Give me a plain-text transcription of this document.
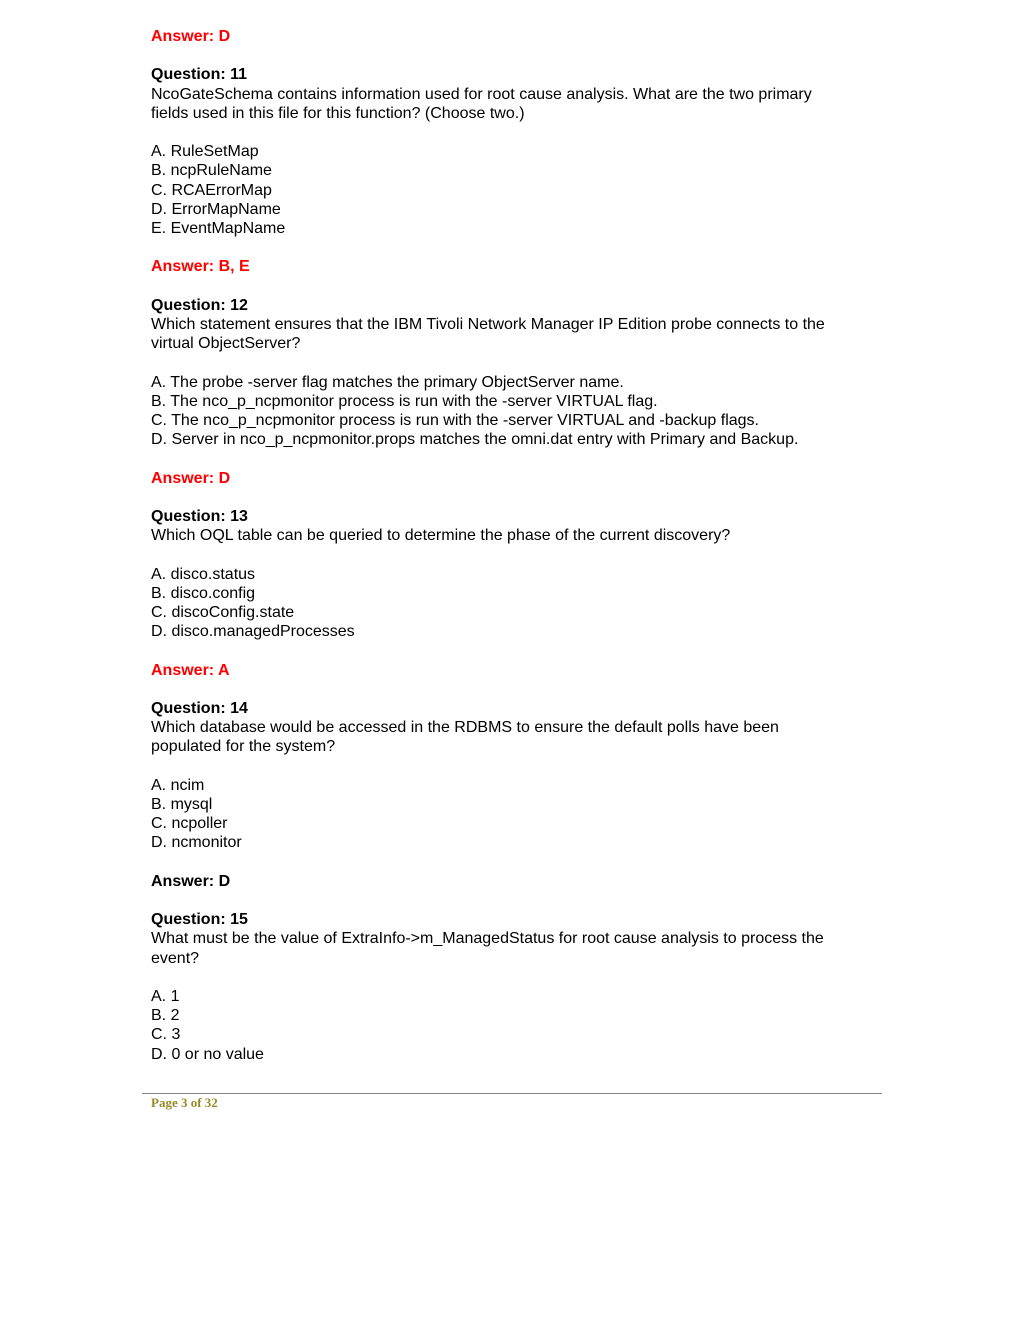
Answer: D
Question: 11
NcoGateSchema contains information used for root cause analysis. What are the two primary
fields used in this file for this function? (Choose two.)
A. RuleSetMap
B. ncpRuleName
C. RCAErrorMap
D. ErrorMapName
E. EventMapName
Answer: B, E
Question: 12
Which statement ensures that the IBM Tivoli Network Manager IP Edition probe connects to the
virtual ObjectServer?
A. The probe -server flag matches the primary ObjectServer name.
B. The nco_p_ncpmonitor process is run with the -server VIRTUAL flag.
C. The nco_p_ncpmonitor process is run with the -server VIRTUAL and -backup flags.
D. Server in nco_p_ncpmonitor.props matches the omni.dat entry with Primary and Backup.
Answer: D
Question: 13
Which OQL table can be queried to determine the phase of the current discovery?
A. disco.status
B. disco.config
C. discoConfig.state
D. disco.managedProcesses
Answer: A
Question: 14
Which database would be accessed in the RDBMS to ensure the default polls have been
populated for the system?
A. ncim
B. mysql
C. ncpoller
D. ncmonitor
Answer: D
Question: 15
What must be the value of ExtraInfo->m_ManagedStatus for root cause analysis to process the
event?
A. 1
B. 2
C. 3
D. 0 or no value
Page 3 of 32
